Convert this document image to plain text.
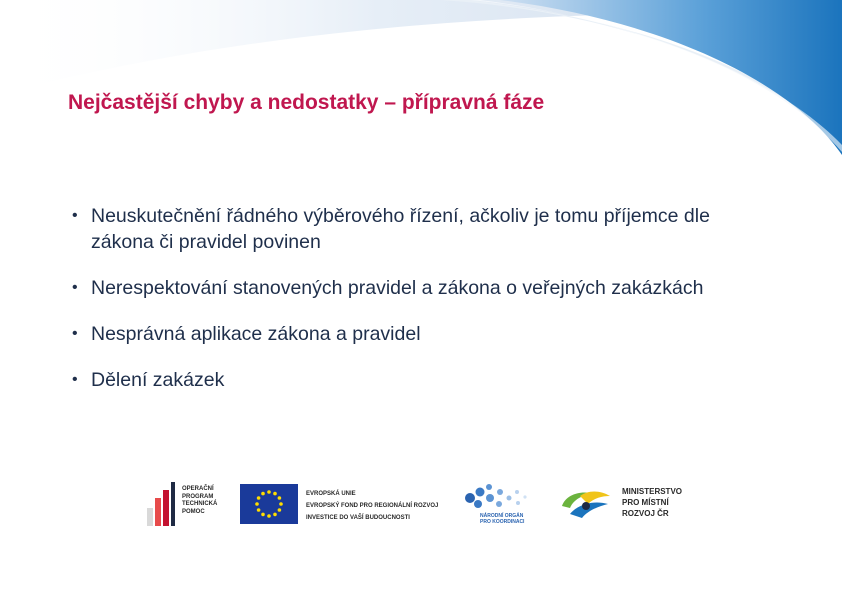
Nejčastější chyby a nedostatky – přípravná fáze
• Neuskutečnění řádného výběrového řízení, ačkoliv je tomu příjemce dle zákona či pravidel povinen
• Nerespektování stanovených pravidel a zákona o veřejných zakázkách
• Nesprávná aplikace zákona a pravidel
• Dělení zakázek
OPERAČNÍ
PROGRAM
TECHNICKÁ
POMOC
EVROPSKÁ UNIE
EVROPSKÝ FOND PRO REGIONÁLNÍ ROZVOJ
INVESTICE DO VAŠÍ BUDOUCNOSTI	NÁRODNÍ ORGÁN
PRO KOORDINACI
MINISTERSTVO
PRO MÍSTNÍ
ROZVOJ ČR
